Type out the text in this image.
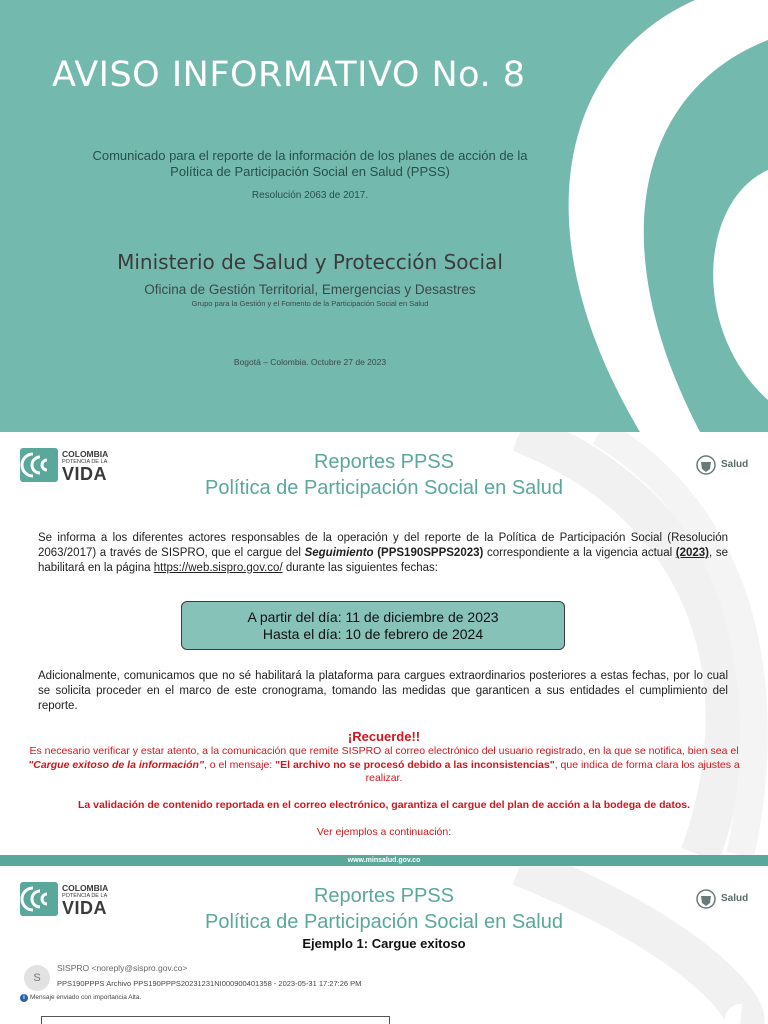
AVISO INFORMATIVO No. 8
Comunicado para el reporte de la información de los planes de acción de la
Política de Participación Social en Salud (PPSS)
Resolución 2063 de 2017.
Ministerio de Salud y Protección Social
Oficina de Gestión Territorial, Emergencias y Desastres
Grupo para la Gestión y el Fomento de la Participación Social en Salud
Bogotá – Colombia. Octubre 27 de 2023
COLOMBIA
POTENCIA DE LA
VIDA	Salud
Reportes PPSS
Política de Participación Social en Salud
Se informa a los diferentes actores responsables de la operación y del reporte de la Política de Participación Social (Resolución 2063/2017) a través de SISPRO, que el cargue del Seguimiento (PPS190SPPS2023) correspondiente a la vigencia actual (2023), se habilitará en la página https://web.sispro.gov.co/ durante las siguientes fechas:
A partir del día: 11 de diciembre de 2023
Hasta el día: 10 de febrero de 2024
Adicionalmente, comunicamos que no sé habilitará la plataforma para cargues extraordinarios posteriores a estas fechas, por lo cual se solicita proceder en el marco de este cronograma, tomando las medidas que garanticen a sus entidades el cumplimiento del reporte.
¡Recuerde!!
Es necesario verificar y estar atento, a la comunicación que remite SISPRO al correo electrónico del usuario registrado, en la que se notifica, bien sea el "Cargue exitoso de la información", o el mensaje: "El archivo no se procesó debido a las inconsistencias", que indica de forma clara los ajustes a realizar.
La validación de contenido reportada en el correo electrónico, garantiza el cargue del plan de acción a la bodega de datos.
Ver ejemplos a continuación:
www.minsalud.gov.co
COLOMBIA
POTENCIA DE LA
VIDA	Salud
Reportes PPSS
Política de Participación Social en Salud
Ejemplo 1: Cargue exitoso
S
SISPRO <noreply@sispro.gov.co>
PPS190PPPS Archivo PPS190PPPS20231231NI000900401358 - 2023-05-31 17:27:26 PM
i Mensaje enviado con importancia Alta.
